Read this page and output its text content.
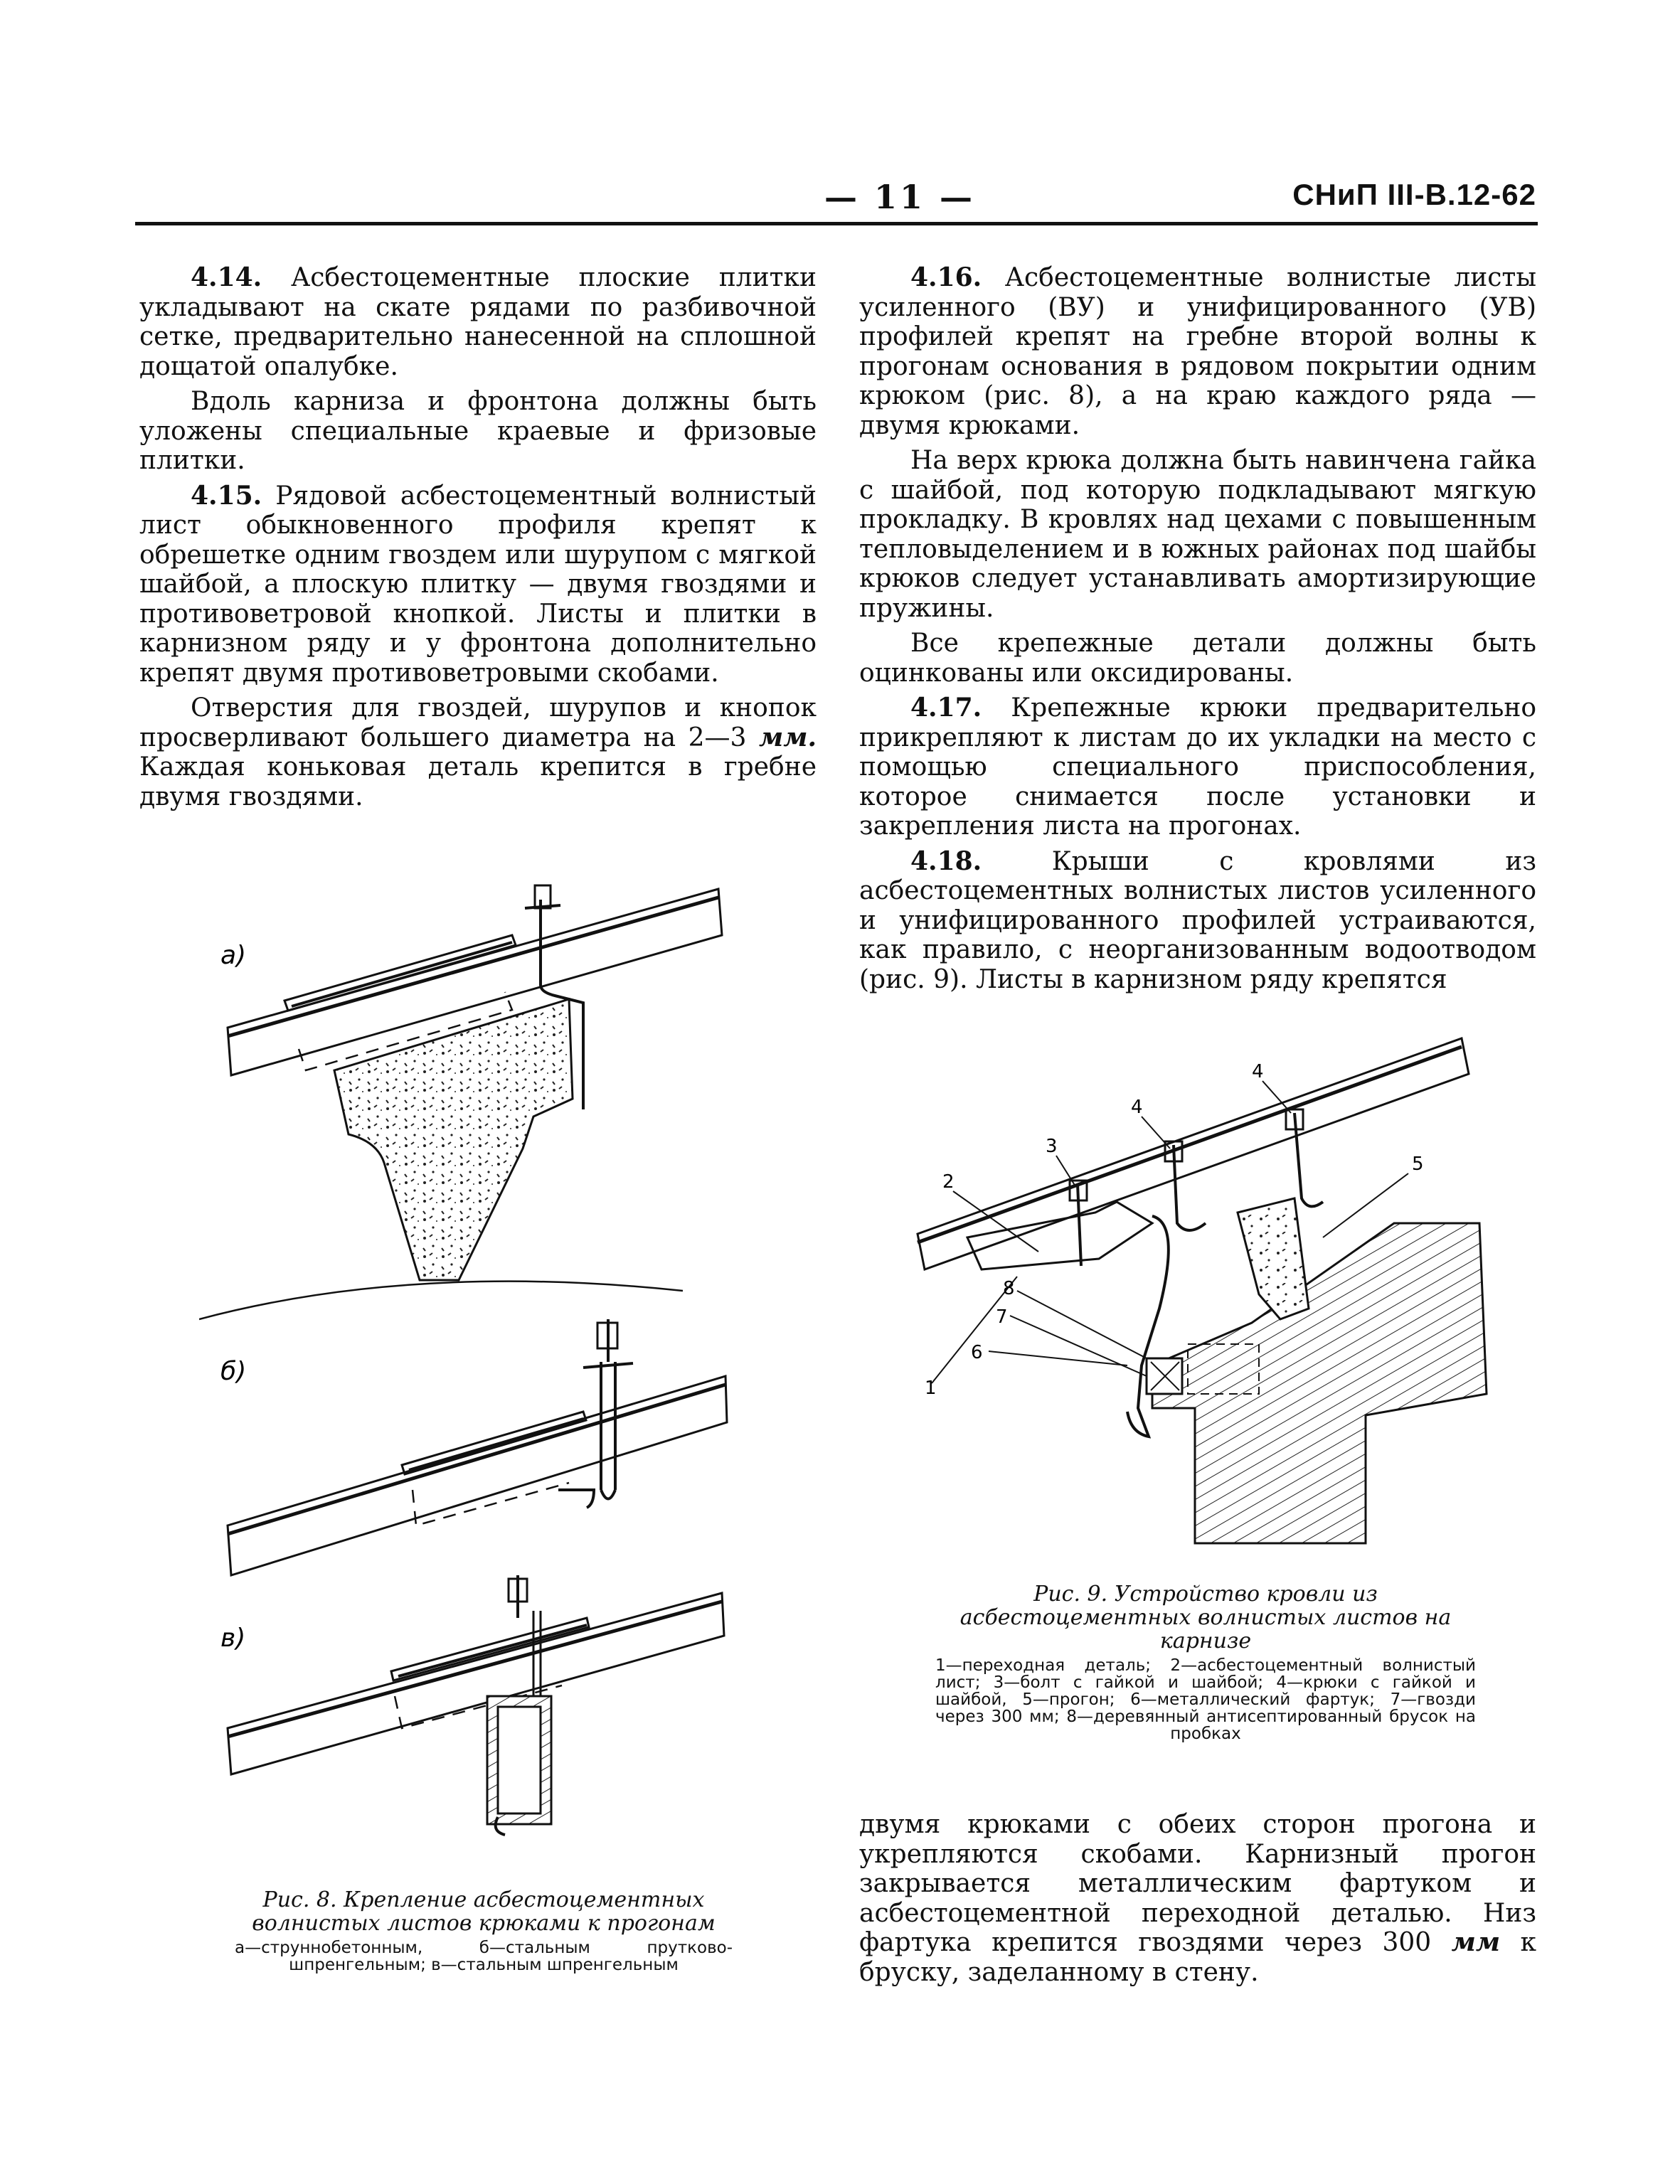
— 11 —	СНиП III-В.12-62

4.14. Асбестоцементные плоские плитки укладывают на скате рядами по разбивочной сетке, предварительно нанесенной на сплошной дощатой опалубке.

Вдоль карниза и фронтона должны быть уложены специальные краевые и фризовые плитки.

4.15. Рядовой асбестоцементный волнистый лист обыкновенного профиля крепят к обрешетке одним гвоздем или шурупом с мягкой шайбой, а плоскую плитку — двумя гвоздями и противоветровой кнопкой. Листы и плитки в карнизном ряду и у фронтона дополнительно крепят двумя противоветровыми скобами.

Отверстия для гвоздей, шурупов и кнопок просверливают большего диаметра на 2—3 мм. Каждая коньковая деталь крепится в гребне двумя гвоздями.

4.16. Асбестоцементные волнистые листы усиленного (ВУ) и унифицированного (УВ) профилей крепят на гребне второй волны к прогонам основания в рядовом покрытии одним крюком (рис. 8), а на краю каждого ряда — двумя крюками.

На верх крюка должна быть навинчена гайка с шайбой, под которую подкладывают мягкую прокладку. В кровлях над цехами с повышенным тепловыделением и в южных районах под шайбы крюков следует устанавливать амортизирующие пружины.

Все крепежные детали должны быть оцинкованы или оксидированы.

4.17. Крепежные крюки предварительно прикрепляют к листам до их укладки на место с помощью специального приспособления, которое снимается после установки и закрепления листа на прогонах.

4.18.	Крыши с кровлями из асбестоцементных волнистых листов усиленного и унифицированного профилей устраиваются, как правило, с неорганизованным водоотводом (рис. 9). Листы в карнизном ряду крепятся

двумя крюками с обеих сторон прогона и укрепляются скобами. Карнизный прогон закрывается металлическим фартуком и асбестоцементной переходной деталью. Низ фартука крепится гвоздями через 300 мм к бруску, заделанному в стену.

а)
б)
в)
Рис. 8. Крепление асбестоцементных волнистых листов крюками к прогонам
а—струннобетонным, б—стальным прутково-шпренгельным; в—стальным шпренгельным
1
2
3
4
4
5
6
7
8
Рис. 9. Устройство кровли из асбестоцементных волнистых листов на карнизе
1—переходная деталь; 2—асбестоцементный волнистый лист; 3—болт с гайкой и шайбой; 4—крюки с гайкой и шайбой, 5—прогон; 6—металлический фартук; 7—гвозди через 300 мм; 8—деревянный антисептированный брусок на пробках
